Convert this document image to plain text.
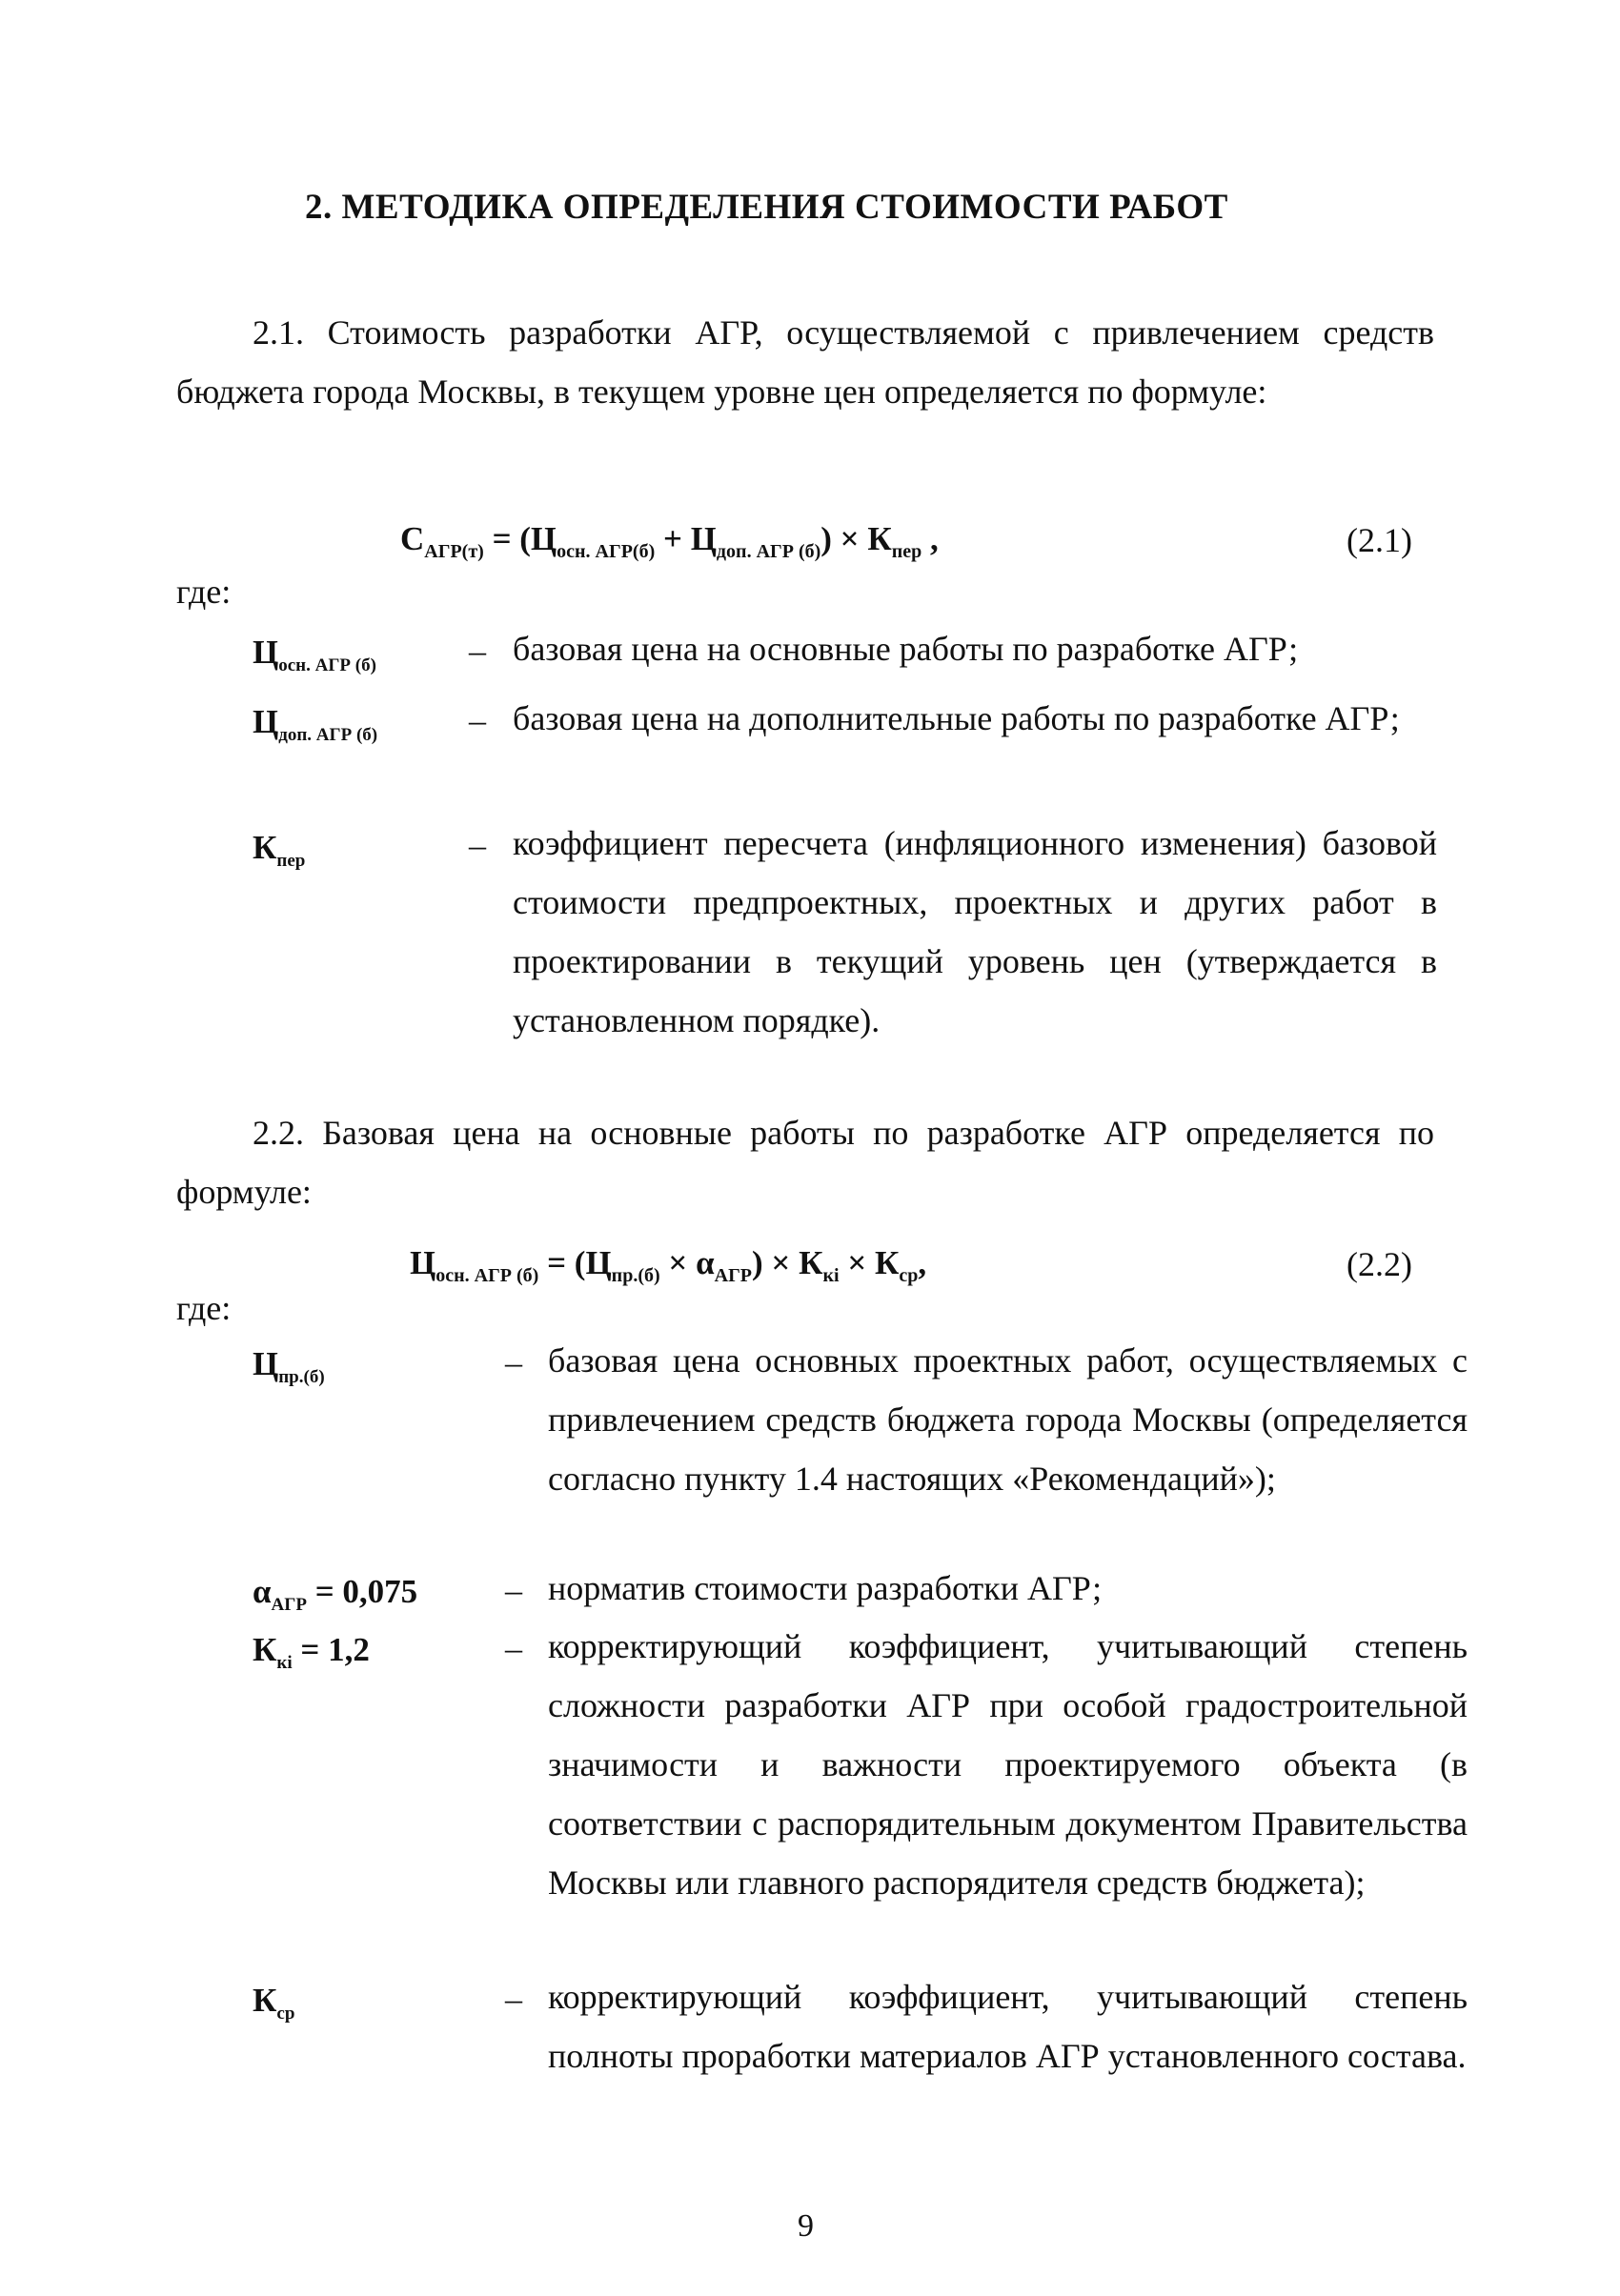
2. МЕТОДИКА ОПРЕДЕЛЕНИЯ СТОИМОСТИ РАБОТ
2.1. Стоимость разработки АГР, осуществляемой с привлечением средств бюджета города Москвы, в текущем уровне цен определяется по формуле:
$С_{АГР(т)} = (Ц_{осн. АГР(б)} + Ц_{доп. АГР (б)}) \times К_{пер}$ ,	(2.1)
где:
$Ц_{осн. АГР (б)}$	– базовая цена на основные работы по разработке АГР;
$Ц_{доп. АГР (б)}$	– базовая цена на дополнительные работы по разработке АГР;
$К_{пер}$	– коэффициент пересчета (инфляционного изменения) базовой стоимости предпроектных, проектных и других работ в проектировании в текущий уровень цен (утверждается в установленном порядке).
2.2. Базовая цена на основные работы по разработке АГР определяется по формуле:
$Ц_{осн. АГР (б)} = (Ц_{пр.(б)} \times \alpha_{АГР}) \times К_{кi} \times К_{ср}$,	(2.2)
где:
$Ц_{пр.(б)}$	– базовая цена основных проектных работ, осуществляемых с привлечением средств бюджета города Москвы (определяется согласно пункту 1.4 настоящих «Рекомендаций»);
$\alpha_{АГР} = 0,075$	– норматив стоимости разработки АГР;
$К_{кi} = 1,2$	– корректирующий коэффициент, учитывающий степень сложности разработки АГР при особой градостроительной значимости и важности проектируемого объекта (в соответствии с распорядительным документом Правительства Москвы или главного распорядителя средств бюджета);
$К_{ср}$	– корректирующий коэффициент, учитывающий степень полноты проработки материалов АГР установленного состава.
9
